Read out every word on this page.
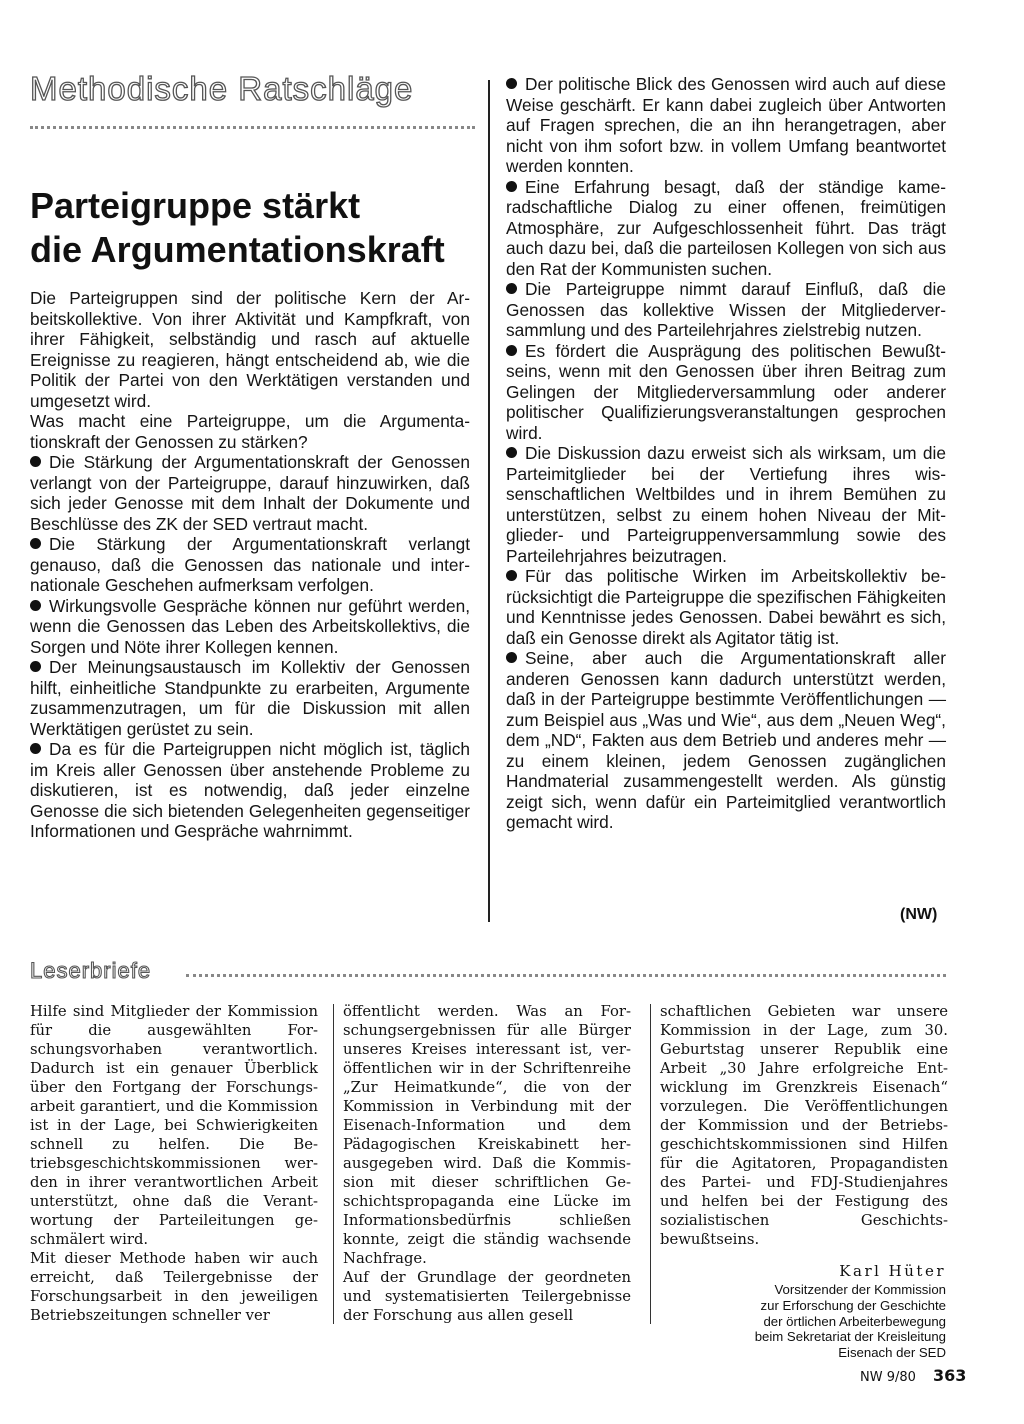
Methodische Ratschläge
Parteigruppe stärkt
die Argumentationskraft

Die Parteigruppen sind der politische Kern der Arbeitskollektive. Von ihrer Aktivität und Kampfkraft, von ihrer Fähigkeit, selbständig und rasch auf aktuelle Ereignisse zu reagieren, hängt entscheidend ab, wie die Politik der Partei von den Werktätigen verstanden und umgesetzt wird.

Was macht eine Parteigruppe, um die Argumentationskraft der Genossen zu stärken?

Die Stärkung der Argumentationskraft der Genossen verlangt von der Parteigruppe, darauf hinzuwirken, daß sich jeder Genosse mit dem Inhalt der Dokumente und Beschlüsse des ZK der SED vertraut macht.

Die Stärkung der Argumentationskraft verlangt genauso, daß die Genossen das nationale und internationale Geschehen aufmerksam verfolgen.

Wirkungsvolle Gespräche können nur geführt werden, wenn die Genossen das Leben des Arbeitskollektivs, die Sorgen und Nöte ihrer Kollegen kennen.

Der Meinungsaustausch im Kollektiv der Genossen hilft, einheitliche Standpunkte zu erarbeiten, Argumente zusammenzutragen, um für die Diskussion mit allen Werktätigen gerüstet zu sein.

Da es für die Parteigruppen nicht möglich ist, täglich im Kreis aller Genossen über anstehende Probleme zu diskutieren, ist es notwendig, daß jeder einzelne Genosse die sich bietenden Gelegenheiten gegenseitiger Informationen und Gespräche wahrnimmt.

Der politische Blick des Genossen wird auch auf diese Weise geschärft. Er kann dabei zugleich über Antworten auf Fragen sprechen, die an ihn herangetragen, aber nicht von ihm sofort bzw. in vollem Umfang beantwortet werden konnten.

Eine Erfahrung besagt, daß der ständige kameradschaftliche Dialog zu einer offenen, freimütigen Atmosphäre, zur Aufgeschlossenheit führt. Das trägt auch dazu bei, daß die parteilosen Kollegen von sich aus den Rat der Kommunisten suchen.

Die Parteigruppe nimmt darauf Einfluß, daß die Genossen das kollektive Wissen der Mitgliederversammlung und des Parteilehrjahres zielstrebig nutzen.

Es fördert die Ausprägung des politischen Bewußtseins, wenn mit den Genossen über ihren Beitrag zum Gelingen der Mitgliederversammlung oder anderer politischer Qualifizierungsveranstaltungen gesprochen wird.

Die Diskussion dazu erweist sich als wirksam, um die Parteimitglieder bei der Vertiefung ihres wissenschaftlichen Weltbildes und in ihrem Bemühen zu unterstützen, selbst zu einem hohen Niveau der Mitglieder- und Parteigruppenversammlung sowie des Parteilehrjahres beizutragen.

Für das politische Wirken im Arbeitskollektiv berücksichtigt die Parteigruppe die spezifischen Fähigkeiten und Kenntnisse jedes Genossen. Dabei bewährt es sich, daß ein Genosse direkt als Agitator tätig ist.

Seine, aber auch die Argumentationskraft aller anderen Genossen kann dadurch unterstützt werden, daß in der Parteigruppe bestimmte Veröffentlichungen — zum Beispiel aus „Was und Wie“, aus dem „Neuen Weg“, dem „ND“, Fakten aus dem Betrieb und anderes mehr — zu einem kleinen, jedem Genossen zugänglichen Handmaterial zusammengestellt werden. Als günstig zeigt sich, wenn dafür ein Parteimitglied verantwortlich gemacht wird.

(NW)
Leserbriefe

Hilfe sind Mitglieder der Kommission für die ausgewählten Forschungsvorhaben verantwortlich. Dadurch ist ein genauer Überblick über den Fortgang der Forschungsarbeit garantiert, und die Kommission ist in der Lage, bei Schwierigkeiten schnell zu helfen. Die Betriebsgeschichtskommissionen werden in ihrer verantwortlichen Arbeit unterstützt, ohne daß die Verantwortung der Parteileitungen geschmälert wird.

Mit dieser Methode haben wir auch erreicht, daß Teilergebnisse der Forschungsarbeit in den jeweiligen Betriebszeitungen schneller ver

öffentlicht werden. Was an Forschungsergebnissen für alle Bürger unseres Kreises interessant ist, veröffentlichen wir in der Schriftenreihe „Zur Heimatkunde“, die von der Kommission in Verbindung mit der Eisenach-Information und dem Pädagogischen Kreiskabinett herausgegeben wird. Daß die Kommission mit dieser schriftlichen Geschichtspropaganda eine Lücke im Informationsbedürfnis schließen konnte, zeigt die ständig wachsende Nachfrage.

Auf der Grundlage der geordneten und systematisierten Teilergebnisse der Forschung aus allen gesell

schaftlichen Gebieten war unsere Kommission in der Lage, zum 30. Geburtstag unserer Republik eine Arbeit „30 Jahre erfolgreiche Entwicklung im Grenzkreis Eisenach“ vorzulegen. Die Veröffentlichungen der Kommission und der Betriebsgeschichtskommissionen sind Hilfen für die Agitatoren, Propagandisten des Partei- und FDJ-Studienjahres und helfen bei der Festigung des sozialistischen Geschichtsbewußtseins.

Karl Hüter
Vorsitzender der Kommission
zur Erforschung der Geschichte
der örtlichen Arbeiterbewegung
beim Sekretariat der Kreisleitung
Eisenach der SED
NW 9/80 363
